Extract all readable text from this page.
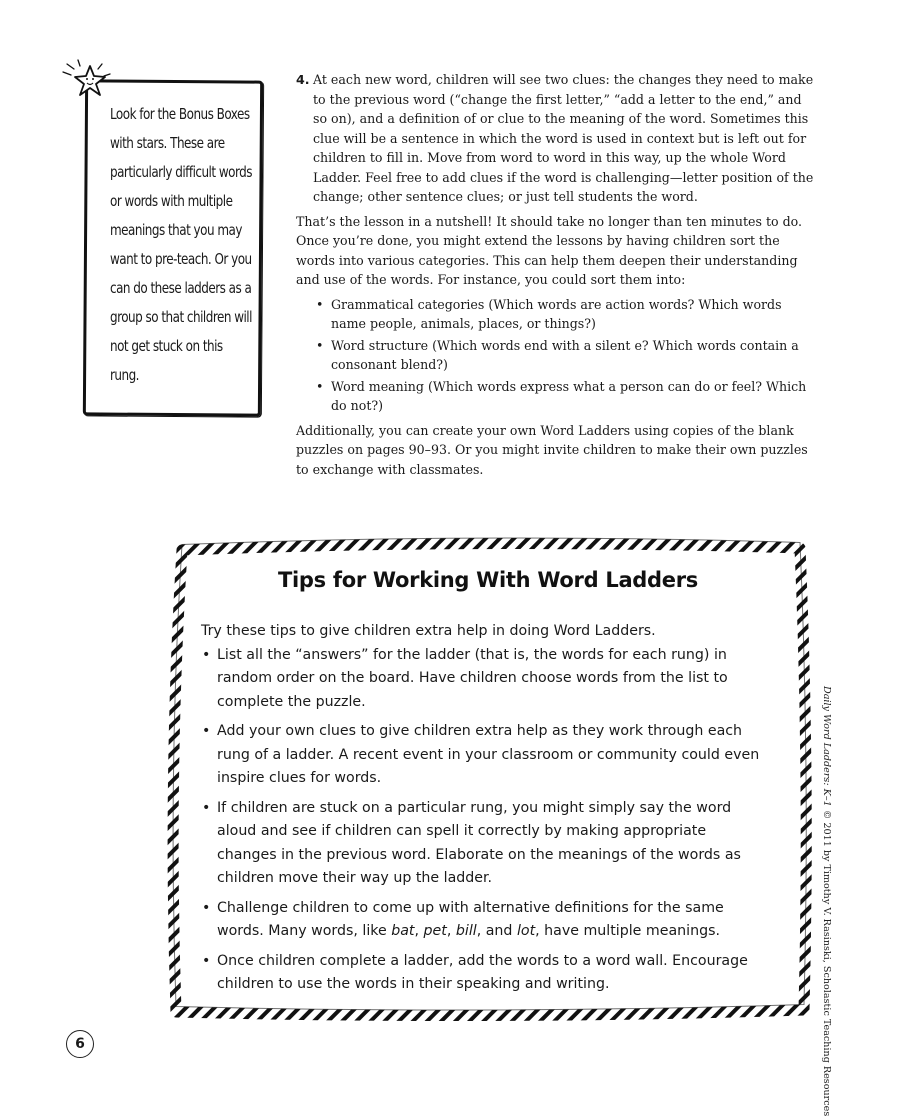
Look for the Bonus Boxes with stars. These are particularly difficult words or words with multiple meanings that you may want to pre-teach. Or you can do these ladders as a group so that children will not get stuck on this rung.
4. At each new word, children will see two clues: the changes they need to make to the previous word (“change the first letter,” “add a letter to the end,” and so on), and a definition of or clue to the meaning of the word. Sometimes this clue will be a sentence in which the word is used in context but is left out for children to fill in. Move from word to word in this way, up the whole Word Ladder. Feel free to add clues if the word is challenging—letter position of the change; other sentence clues; or just tell students the word.

That’s the lesson in a nutshell! It should take no longer than ten minutes to do. Once you’re done, you might extend the lessons by having children sort the words into various categories. This can help them deepen their understanding and use of the words. For instance, you could sort them into:

• Grammatical categories (Which words are action words? Which words name people, animals, places, or things?)
• Word structure (Which words end with a silent e? Which words contain a consonant blend?)
• Word meaning (Which words express what a person can do or feel? Which do not?)

Additionally, you can create your own Word Ladders using copies of the blank puzzles on pages 90–93. Or you might invite children to make their own puzzles to exchange with classmates.

Tips for Working With Word Ladders
Try these tips to give children extra help in doing Word Ladders.
• List all the “answers” for the ladder (that is, the words for each rung) in random order on the board. Have children choose words from the list to complete the puzzle.
• Add your own clues to give children extra help as they work through each rung of a ladder. A recent event in your classroom or community could even inspire clues for words.
• If children are stuck on a particular rung, you might simply say the word aloud and see if children can spell it correctly by making appropriate changes in the previous word. Elaborate on the meanings of the words as children move their way up the ladder.
• Challenge children to come up with alternative definitions for the same words. Many words, like bat, pet, bill, and lot, have multiple meanings.
• Once children complete a ladder, add the words to a word wall. Encourage children to use the words in their speaking and writing.
Daily Word Ladders: K–1 © 2011 by Timothy V. Rasinski, Scholastic Teaching Resources
6
